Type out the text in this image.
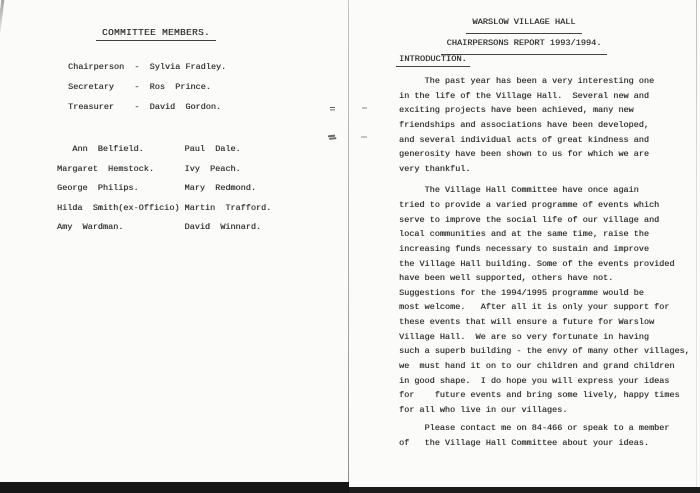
COMMITTEE MEMBERS.
Chairperson  -  Sylvia Fradley.
Secretary    -  Ros  Prince.
Treasurer    -  David  Gordon.
Ann  Belfield.        Paul  Dale.
Margaret  Hemstock.      Ivy  Peach.
George  Philips.         Mary  Redmond.
Hilda  Smith(ex-Officio) Martin  Trafford.
Amy  Wardman.            David  Winnard.
WARSLOW VILLAGE HALL
CHAIRPERSONS REPORT 1993/1994.
INTRODUCTION.
The past year has been a very interesting one
in the life of the Village Hall.  Several new and
exciting projects have been achieved, many new
friendships and associations have been developed,
and several individual acts of great kindness and
generosity have been shown to us for which we are
very thankful.
The Village Hall Committee have once again
tried to provide a varied programme of events which
serve to improve the social life of our village and
local communities and at the same time, raise the
increasing funds necessary to sustain and improve
the Village Hall building. Some of the events provided
have been well supported, others have not.
Suggestions for the 1994/1995 programme would be
most welcome.   After all it is only your support for
these events that will ensure a future for Warslow
Village Hall.  We are so very fortunate in having
such a superb building - the envy of many other villages,
we  must hand it on to our children and grand children
in good shape.  I do hope you will express your ideas
for    future events and bring some lively, happy times
for all who live in our villages.
Please contact me on 84-466 or speak to a member
of   the Village Hall Committee about your ideas.
